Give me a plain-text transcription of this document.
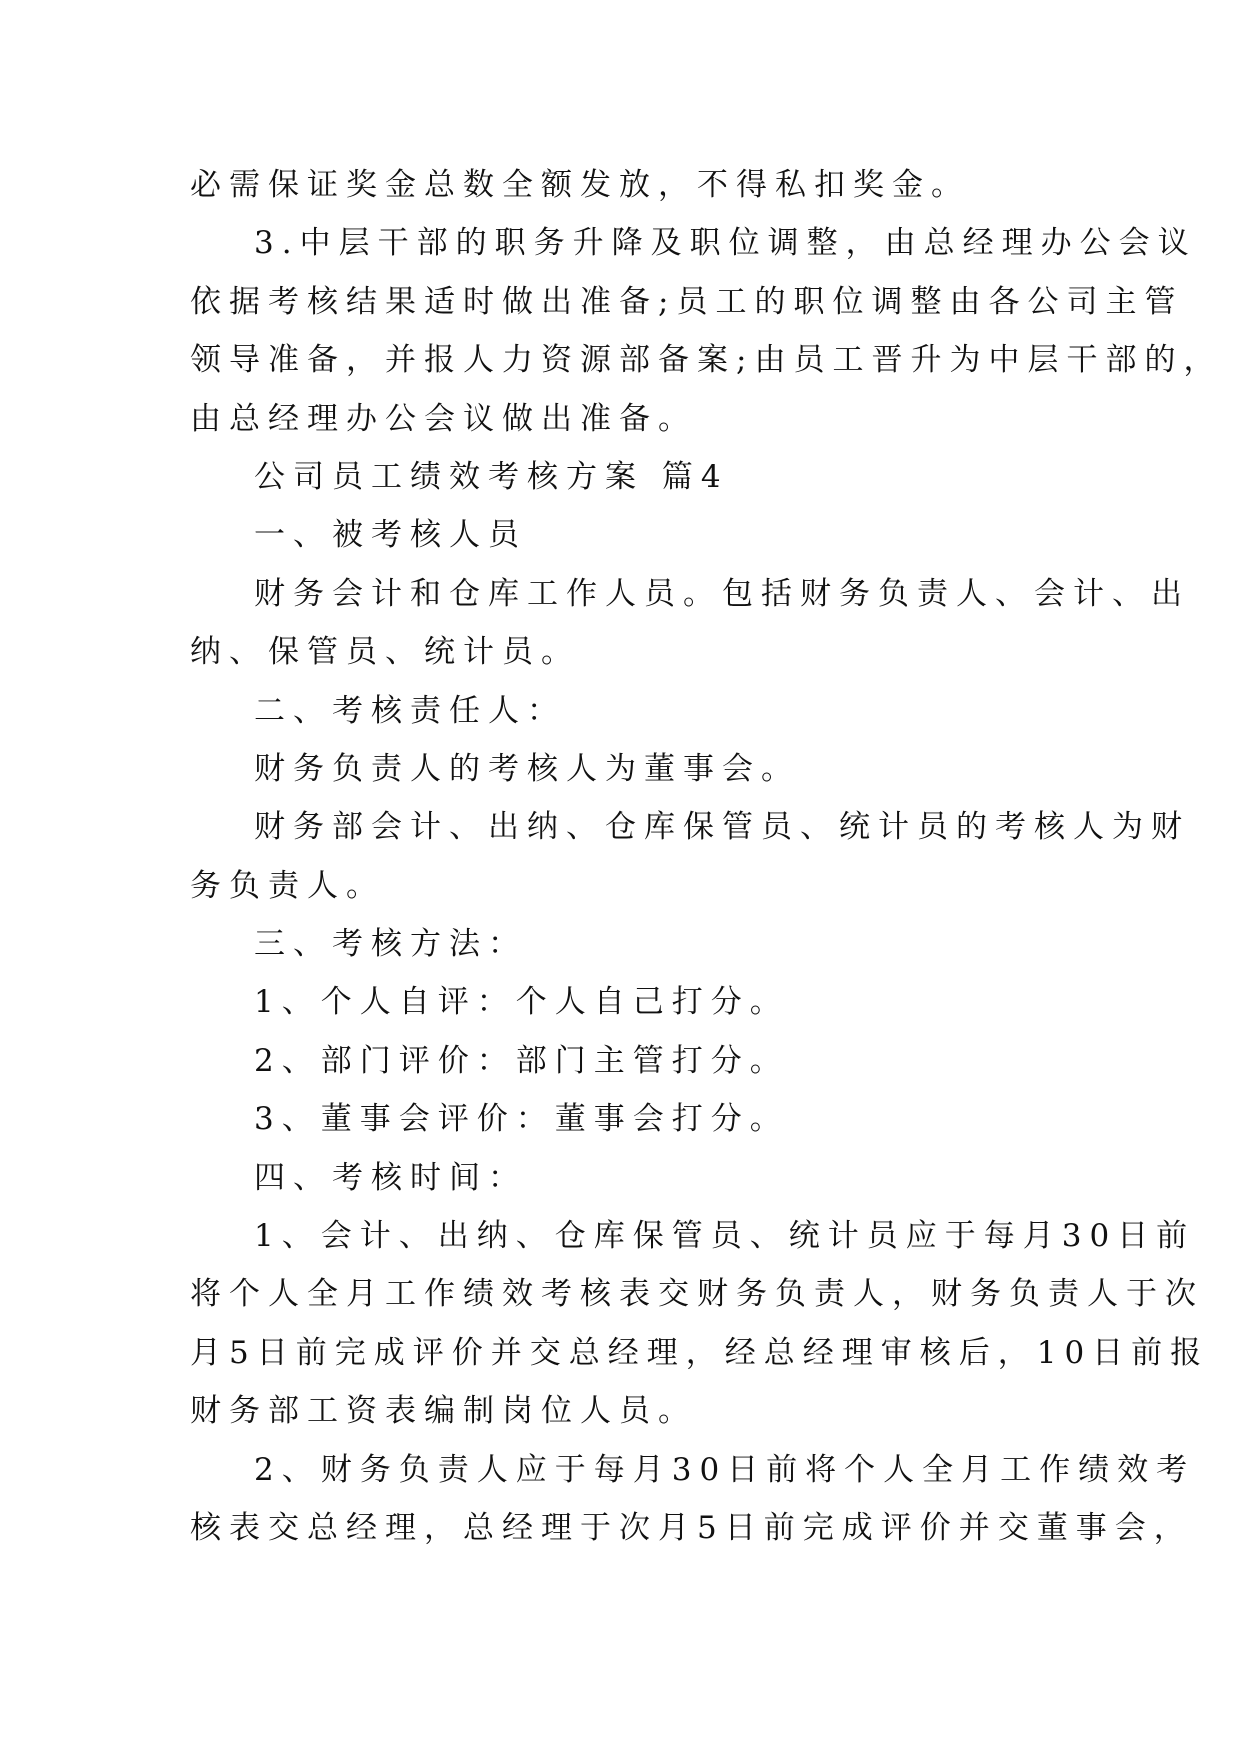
必需保证奖金总数全额发放，不得私扣奖金。
3.中层干部的职务升降及职位调整，由总经理办公会议
依据考核结果适时做出准备;员工的职位调整由各公司主管
领导准备，并报人力资源部备案;由员工晋升为中层干部的，
由总经理办公会议做出准备。
公司员工绩效考核方案 篇4
一、被考核人员
财务会计和仓库工作人员。包括财务负责人、会计、出
纳、保管员、统计员。
二、考核责任人：
财务负责人的考核人为董事会。
财务部会计、出纳、仓库保管员、统计员的考核人为财
务负责人。
三、考核方法：
1、个人自评：个人自己打分。
2、部门评价：部门主管打分。
3、董事会评价：董事会打分。
四、考核时间：
1、会计、出纳、仓库保管员、统计员应于每月30日前
将个人全月工作绩效考核表交财务负责人，财务负责人于次
月5日前完成评价并交总经理，经总经理审核后，10日前报
财务部工资表编制岗位人员。
2、财务负责人应于每月30日前将个人全月工作绩效考
核表交总经理，总经理于次月5日前完成评价并交董事会，
